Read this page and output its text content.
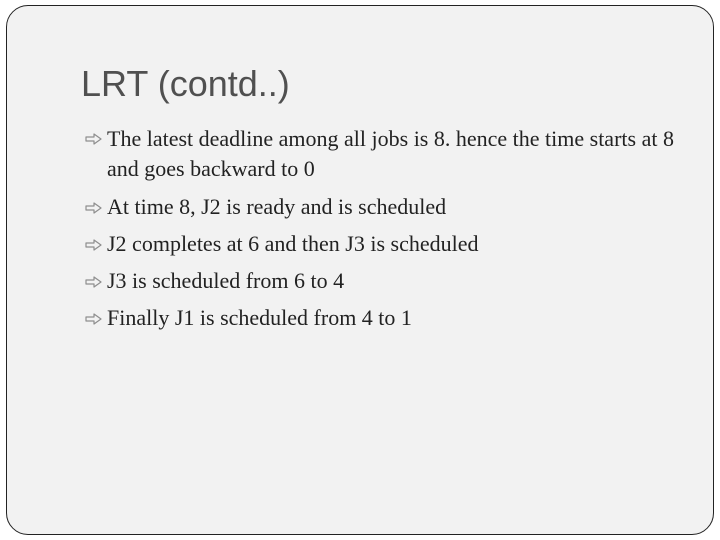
LRT (contd..)
The latest deadline among all jobs is 8. hence the time starts at 8 and goes backward to 0
At time 8, J2 is ready and is scheduled
J2 completes at 6 and then J3 is scheduled
J3 is scheduled from 6 to 4
Finally J1 is scheduled from 4 to 1
